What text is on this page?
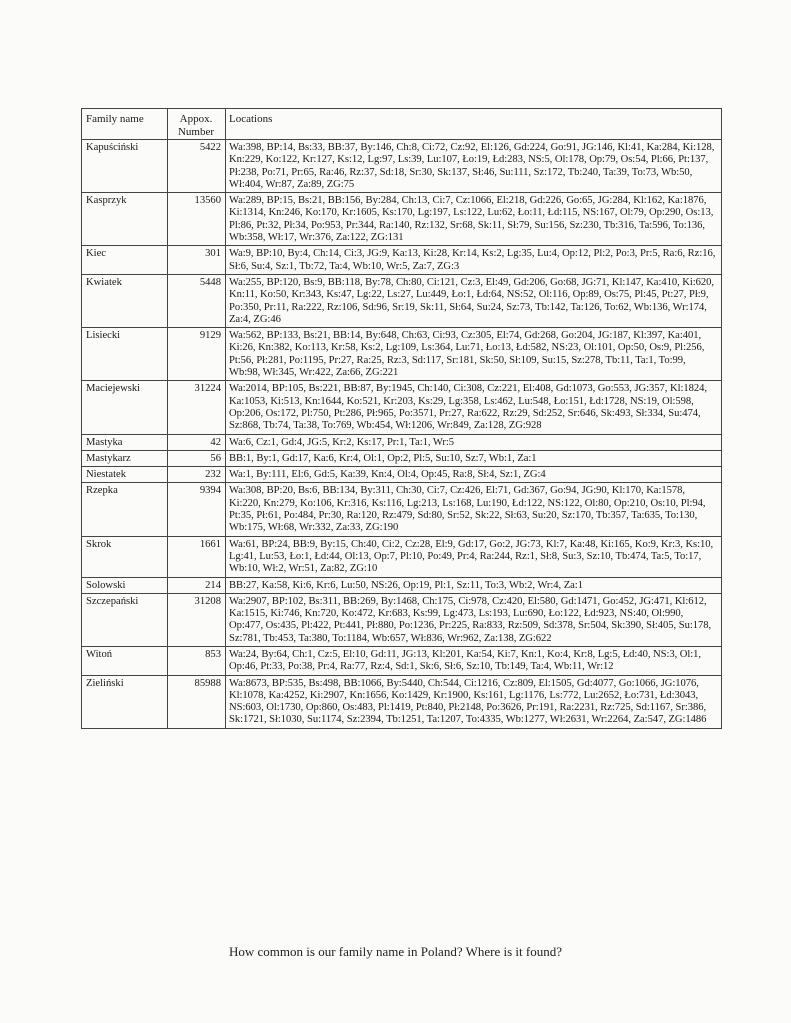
Family name	Appox. Number	Locations
Kapuściński	5422	Wa:398, BP:14, Bs:33, BB:37, By:146, Ch:8, Ci:72, Cz:92, El:126, Gd:224, Go:91, JG:146, Kl:41, Ka:284, Ki:128, Kn:229, Ko:122, Kr:127, Ks:12, Lg:97, Ls:39, Lu:107, Ło:19, Łd:283, NS:5, Ol:178, Op:79, Os:54, Pl:66, Pt:137, Pł:238, Po:71, Pr:65, Ra:46, Rz:37, Sd:18, Sr:30, Sk:137, Sł:46, Su:111, Sz:172, Tb:240, Ta:39, To:73, Wb:50, Wł:404, Wr:87, Za:89, ZG:75
Kasprzyk	13560	Wa:289, BP:15, Bs:21, BB:156, By:284, Ch:13, Ci:7, Cz:1066, El:218, Gd:226, Go:65, JG:284, Kl:162, Ka:1876, Ki:1314, Kn:246, Ko:170, Kr:1605, Ks:170, Lg:197, Ls:122, Lu:62, Ło:11, Łd:115, NS:167, Ol:79, Op:290, Os:13, Pl:86, Pt:32, Pł:34, Po:953, Pr:344, Ra:140, Rz:132, Sr:68, Sk:11, Sł:79, Su:156, Sz:230, Tb:316, Ta:596, To:136, Wb:358, Wł:17, Wr:376, Za:122, ZG:131
Kiec	301	Wa:9, BP:10, By:4, Ch:14, Ci:3, JG:9, Ka:13, Ki:28, Kr:14, Ks:2, Lg:35, Lu:4, Op:12, Pl:2, Po:3, Pr:5, Ra:6, Rz:16, Sł:6, Su:4, Sz:1, Tb:72, Ta:4, Wb:10, Wr:5, Za:7, ZG:3
Kwiatek	5448	Wa:255, BP:120, Bs:9, BB:118, By:78, Ch:80, Ci:121, Cz:3, El:49, Gd:206, Go:68, JG:71, Kl:147, Ka:410, Ki:620, Kn:11, Ko:50, Kr:343, Ks:47, Lg:22, Ls:27, Lu:449, Ło:1, Łd:64, NS:52, Ol:116, Op:89, Os:75, Pl:45, Pt:27, Pł:9, Po:350, Pr:11, Ra:222, Rz:106, Sd:96, Sr:19, Sk:11, Sł:64, Su:24, Sz:73, Tb:142, Ta:126, To:62, Wb:136, Wr:174, Za:4, ZG:46
Lisiecki	9129	Wa:562, BP:133, Bs:21, BB:14, By:648, Ch:63, Ci:93, Cz:305, El:74, Gd:268, Go:204, JG:187, Kl:397, Ka:401, Ki:26, Kn:382, Ko:113, Kr:58, Ks:2, Lg:109, Ls:364, Lu:71, Ło:13, Łd:582, NS:23, Ol:101, Op:50, Os:9, Pl:256, Pt:56, Pł:281, Po:1195, Pr:27, Ra:25, Rz:3, Sd:117, Sr:181, Sk:50, Sł:109, Su:15, Sz:278, Tb:11, Ta:1, To:99, Wb:98, Wł:345, Wr:422, Za:66, ZG:221
Maciejewski	31224	Wa:2014, BP:105, Bs:221, BB:87, By:1945, Ch:140, Ci:308, Cz:221, El:408, Gd:1073, Go:553, JG:357, Kl:1824, Ka:1053, Ki:513, Kn:1644, Ko:521, Kr:203, Ks:29, Lg:358, Ls:462, Lu:548, Ło:151, Łd:1728, NS:19, Ol:598, Op:206, Os:172, Pl:750, Pt:286, Pł:965, Po:3571, Pr:27, Ra:622, Rz:29, Sd:252, Sr:646, Sk:493, Sł:334, Su:474, Sz:868, Tb:74, Ta:38, To:769, Wb:454, Wł:1206, Wr:849, Za:128, ZG:928
Mastyka	42	Wa:6, Cz:1, Gd:4, JG:5, Kr:2, Ks:17, Pr:1, Ta:1, Wr:5
Mastykarz	56	BB:1, By:1, Gd:17, Ka:6, Kr:4, Ol:1, Op:2, Pl:5, Su:10, Sz:7, Wb:1, Za:1
Niestatek	232	Wa:1, By:111, El:6, Gd:5, Ka:39, Kn:4, Ol:4, Op:45, Ra:8, Sł:4, Sz:1, ZG:4
Rzepka	9394	Wa:308, BP:20, Bs:6, BB:134, By:311, Ch:30, Ci:7, Cz:426, El:71, Gd:367, Go:94, JG:90, Kl:170, Ka:1578, Ki:220, Kn:279, Ko:106, Kr:316, Ks:116, Lg:213, Ls:168, Lu:190, Łd:122, NS:122, Ol:80, Op:210, Os:10, Pl:94, Pt:35, Pł:61, Po:484, Pr:30, Ra:120, Rz:479, Sd:80, Sr:52, Sk:22, Sł:63, Su:20, Sz:170, Tb:357, Ta:635, To:130, Wb:175, Wł:68, Wr:332, Za:33, ZG:190
Skrok	1661	Wa:61, BP:24, BB:9, By:15, Ch:40, Ci:2, Cz:28, El:9, Gd:17, Go:2, JG:73, Kl:7, Ka:48, Ki:165, Ko:9, Kr:3, Ks:10, Lg:41, Lu:53, Ło:1, Łd:44, Ol:13, Op:7, Pl:10, Po:49, Pr:4, Ra:244, Rz:1, Sł:8, Su:3, Sz:10, Tb:474, Ta:5, To:17, Wb:10, Wł:2, Wr:51, Za:82, ZG:10
Solowski	214	BB:27, Ka:58, Ki:6, Kr:6, Lu:50, NS:26, Op:19, Pl:1, Sz:11, To:3, Wb:2, Wr:4, Za:1
Szczepański	31208	Wa:2907, BP:102, Bs:311, BB:269, By:1468, Ch:175, Ci:978, Cz:420, El:580, Gd:1471, Go:452, JG:471, Kl:612, Ka:1515, Ki:746, Kn:720, Ko:472, Kr:683, Ks:99, Lg:473, Ls:193, Lu:690, Ło:122, Łd:923, NS:40, Ol:990, Op:477, Os:435, Pl:422, Pt:441, Pł:880, Po:1236, Pr:225, Ra:833, Rz:509, Sd:378, Sr:504, Sk:390, Sł:405, Su:178, Sz:781, Tb:453, Ta:380, To:1184, Wb:657, Wł:836, Wr:962, Za:138, ZG:622
Witoń	853	Wa:24, By:64, Ch:1, Cz:5, El:10, Gd:11, JG:13, Kl:201, Ka:54, Ki:7, Kn:1, Ko:4, Kr:8, Lg:5, Łd:40, NS:3, Ol:1, Op:46, Pt:33, Po:38, Pr:4, Ra:77, Rz:4, Sd:1, Sk:6, Sł:6, Sz:10, Tb:149, Ta:4, Wb:11, Wr:12
Zieliński	85988	Wa:8673, BP:535, Bs:498, BB:1066, By:5440, Ch:544, Ci:1216, Cz:809, El:1505, Gd:4077, Go:1066, JG:1076, Kl:1078, Ka:4252, Ki:2907, Kn:1656, Ko:1429, Kr:1900, Ks:161, Lg:1176, Ls:772, Lu:2652, Ło:731, Łd:3043, NS:603, Ol:1730, Op:860, Os:483, Pl:1419, Pt:840, Pł:2148, Po:3626, Pr:191, Ra:2231, Rz:725, Sd:1167, Sr:386, Sk:1721, Sł:1030, Su:1174, Sz:2394, Tb:1251, Ta:1207, To:4335, Wb:1277, Wł:2631, Wr:2264, Za:547, ZG:1486
How common is our family name in Poland? Where is it found?
